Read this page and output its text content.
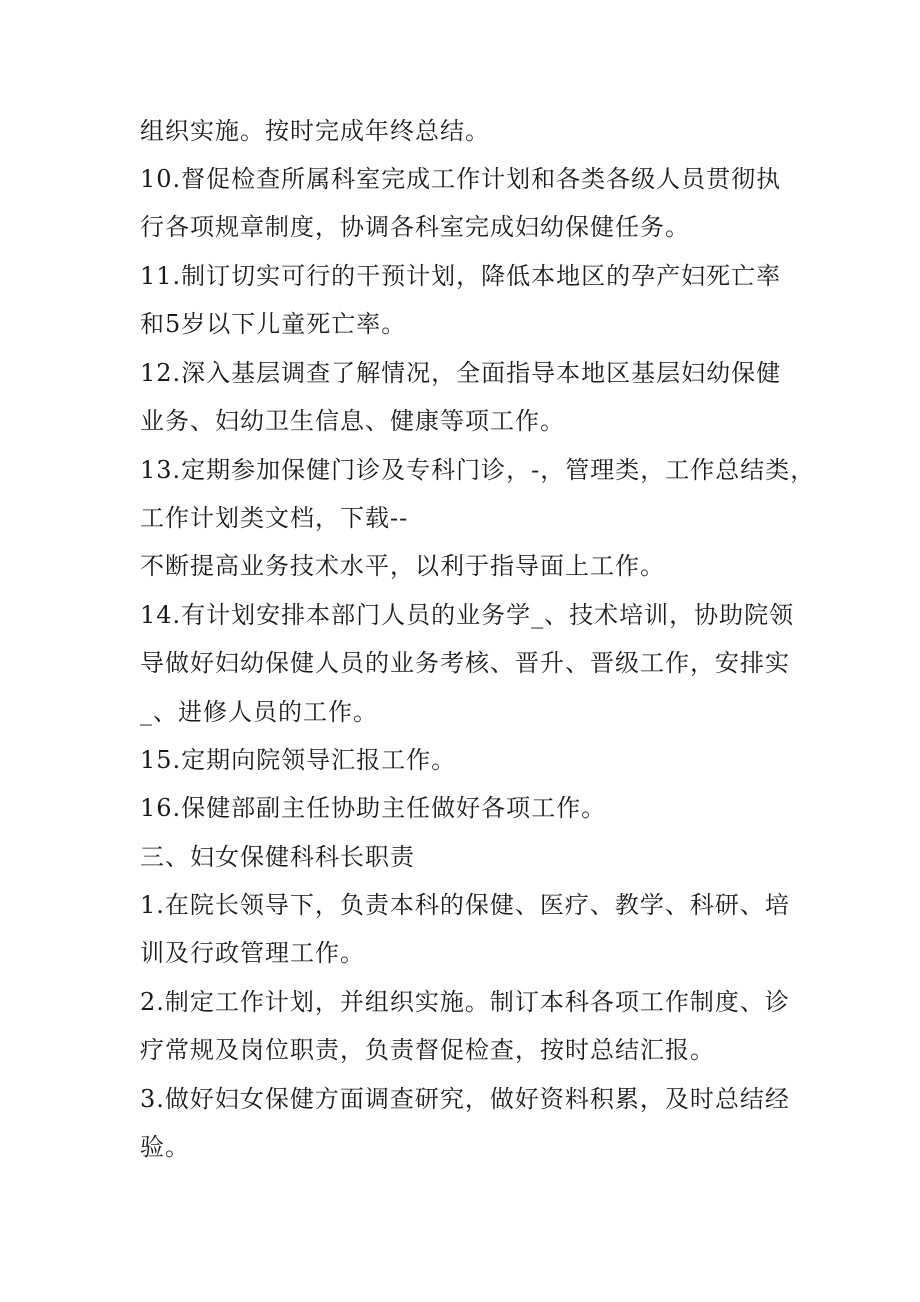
组织实施。按时完成年终总结。
10.督促检查所属科室完成工作计划和各类各级人员贯彻执
行各项规章制度，协调各科室完成妇幼保健任务。
11.制订切实可行的干预计划，降低本地区的孕产妇死亡率
和5岁以下儿童死亡率。
12.深入基层调查了解情况，全面指导本地区基层妇幼保健
业务、妇幼卫生信息、健康等项工作。
13.定期参加保健门诊及专科门诊，-，管理类，工作总结类，
工作计划类文档，下载--
不断提高业务技术水平，以利于指导面上工作。
14.有计划安排本部门人员的业务学_、技术培训，协助院领
导做好妇幼保健人员的业务考核、晋升、晋级工作，安排实
_、进修人员的工作。
15.定期向院领导汇报工作。
16.保健部副主任协助主任做好各项工作。
三、妇女保健科科长职责
1.在院长领导下，负责本科的保健、医疗、教学、科研、培
训及行政管理工作。
2.制定工作计划，并组织实施。制订本科各项工作制度、诊
疗常规及岗位职责，负责督促检查，按时总结汇报。
3.做好妇女保健方面调查研究，做好资料积累，及时总结经
验。
